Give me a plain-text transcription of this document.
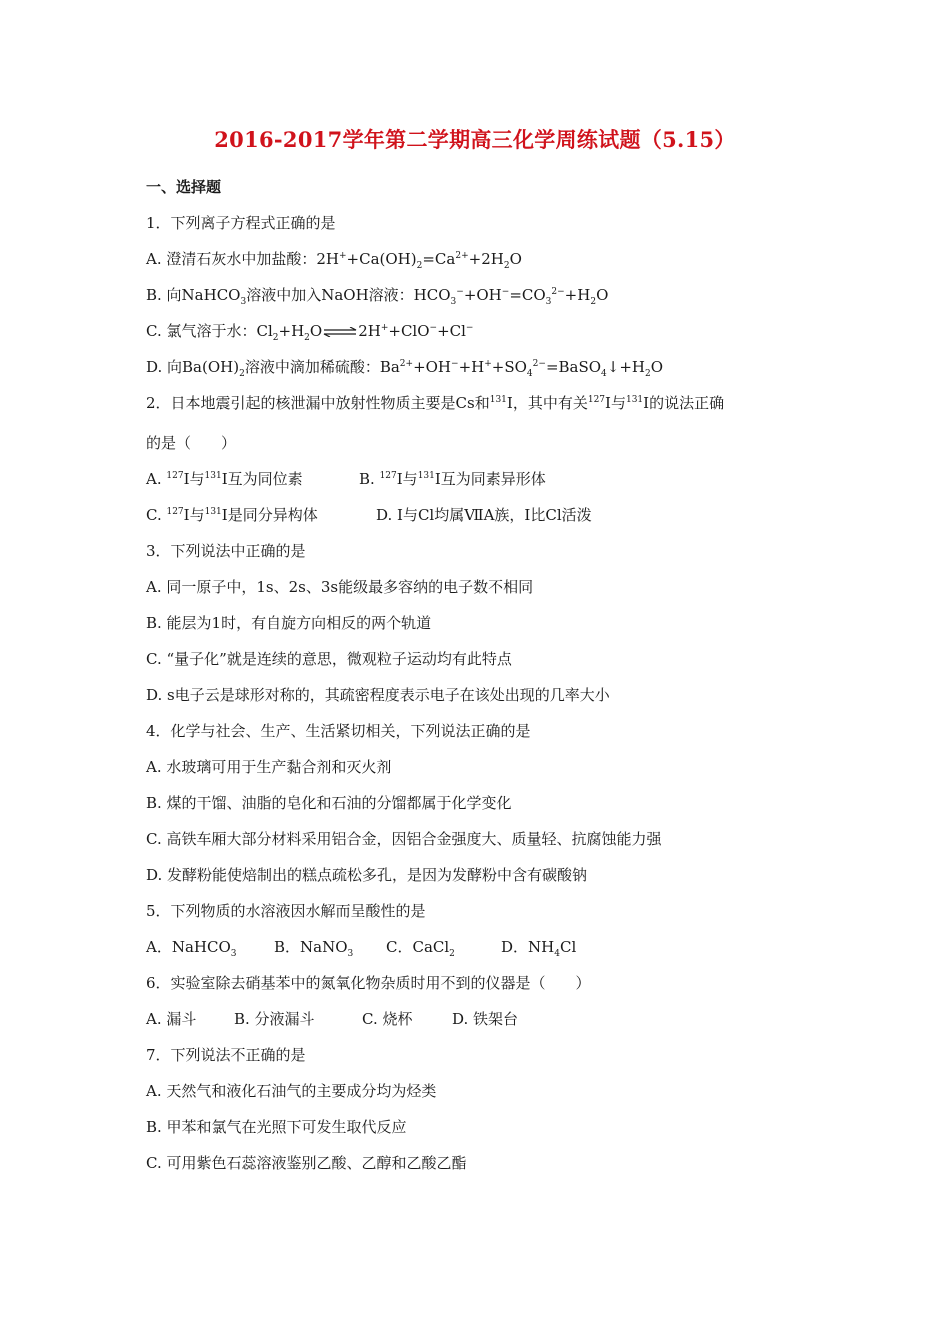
2016-2017学年第二学期高三化学周练试题（5.15）
一、选择题
1．下列离子方程式正确的是
A. 澄清石灰水中加盐酸：$2H^++Ca(OH)_2=Ca^{2+}+2H_2O$
B. 向NaHCO$_3$溶液中加入NaOH溶液：$HCO_3^-+OH^-=CO_3^{2-}+H_2O$
C. 氯气溶于水：$Cl_2+H_2O\rightleftharpoons 2H^++ClO^-+Cl^-$
D. 向$Ba(OH)_2$溶液中滴加稀硫酸：$Ba^{2+}+OH^-+H^++SO_4^{2-}=BaSO_4↓+H_2O$
2．日本地震引起的核泄漏中放射性物质主要是Cs和$^{131}$I，其中有关$^{127}$I与$^{131}$I的说法正确
的是（　　）
A. $^{127}$I与$^{131}$I互为同位素	B. $^{127}$I与$^{131}$I互为同素异形体
C. $^{127}$I与$^{131}$I是同分异构体	D. I与Cl均属ⅦA族，I比Cl活泼
3．下列说法中正确的是
A. 同一原子中，1s、2s、3s能级最多容纳的电子数不相同
B. 能层为1时，有自旋方向相反的两个轨道
C. “量子化”就是连续的意思，微观粒子运动均有此特点
D. s电子云是球形对称的，其疏密程度表示电子在该处出现的几率大小
4．化学与社会、生产、生活紧切相关，下列说法正确的是
A. 水玻璃可用于生产黏合剂和灭火剂
B. 煤的干馏、油脂的皂化和石油的分馏都属于化学变化
C. 高铁车厢大部分材料采用铝合金，因铝合金强度大、质量轻、抗腐蚀能力强
D. 发酵粉能使焙制出的糕点疏松多孔，是因为发酵粉中含有碳酸钠
5．下列物质的水溶液因水解而呈酸性的是
A．NaHCO$_3$	B．NaNO$_3$ C．CaCl$_2$	D．$NH_4Cl$
6．实验室除去硝基苯中的氮氧化物杂质时用不到的仪器是（　　）
A. 漏斗	B. 分液漏斗	C. 烧杯	D. 铁架台
7．下列说法不正确的是
A. 天然气和液化石油气的主要成分均为烃类
B. 甲苯和氯气在光照下可发生取代反应
C. 可用紫色石蕊溶液鉴别乙酸、乙醇和乙酸乙酯
